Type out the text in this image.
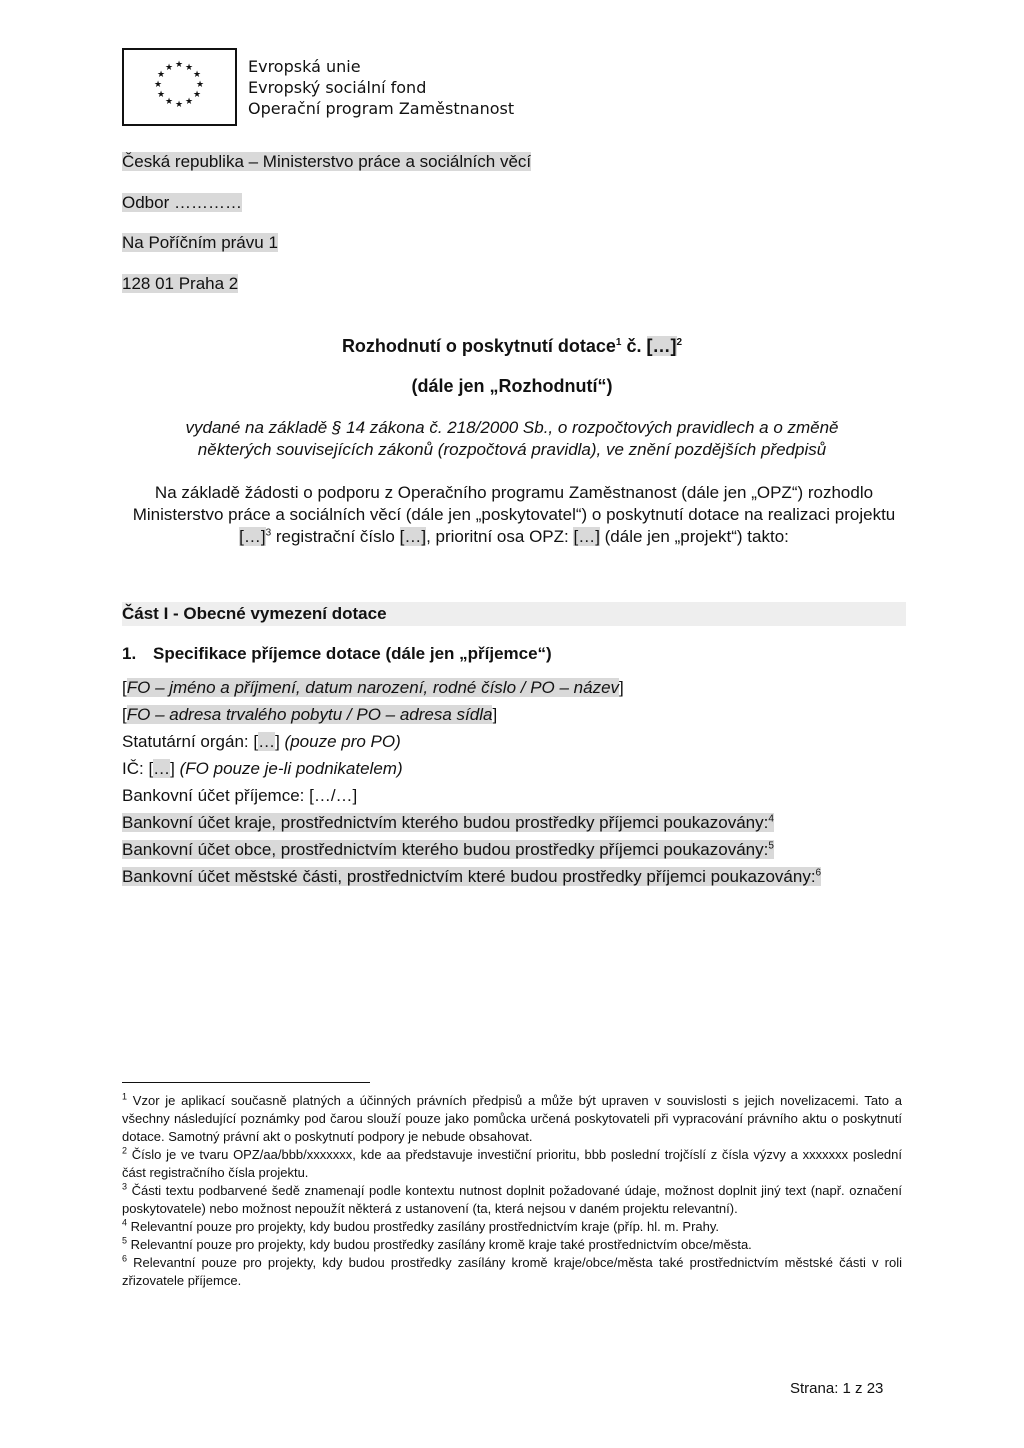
★ ★
★
★
★
★
★
★
★
★
★
★	Evropská unie
Evropský sociální fond
Operační program Zaměstnanost
Česká republika – Ministerstvo práce a sociálních věcí
Odbor …………
Na Poříčním právu 1
128 01 Praha 2
Rozhodnutí o poskytnutí dotace$^1$ č. […]$^2$
(dále jen „Rozhodnutí“)
vydané na základě § 14 zákona č. 218/2000 Sb., o rozpočtových pravidlech a o změně
některých souvisejících zákonů (rozpočtová pravidla), ve znění pozdějších předpisů
Na základě žádosti o podporu z Operačního programu Zaměstnanost (dále jen „OPZ“) rozhodlo Ministerstvo práce a sociálních věcí (dále jen „poskytovatel“) o poskytnutí dotace na realizaci projektu […]$^3$ registrační číslo […], prioritní osa OPZ: […] (dále jen „projekt“) takto:
Část I - Obecné vymezení dotace
1. Specifikace příjemce dotace (dále jen „příjemce“)
[FO – jméno a příjmení, datum narození, rodné číslo / PO – název]
[FO – adresa trvalého pobytu / PO – adresa sídla]
Statutární orgán: […] (pouze pro PO)
IČ: […] (FO pouze je-li podnikatelem)
Bankovní účet příjemce: […/…]
Bankovní účet kraje, prostřednictvím kterého budou prostředky příjemci poukazovány:$^4$
Bankovní účet obce, prostřednictvím kterého budou prostředky příjemci poukazovány:$^5$
Bankovní účet městské části, prostřednictvím které budou prostředky příjemci poukazovány:$^6$

$^1$ Vzor je aplikací současně platných a účinných právních předpisů a může být upraven v souvislosti s jejich novelizacemi. Tato a všechny následující poznámky pod čarou slouží pouze jako pomůcka určená poskytovateli při vypracování právního aktu o poskytnutí dotace. Samotný právní akt o poskytnutí podpory je nebude obsahovat.

$^2$ Číslo je ve tvaru OPZ/aa/bbb/xxxxxxx, kde aa představuje investiční prioritu, bbb poslední trojčíslí z čísla výzvy a xxxxxxx poslední část registračního čísla projektu.

$^3$ Části textu podbarvené šedě znamenají podle kontextu nutnost doplnit požadované údaje, možnost doplnit jiný text (např. označení poskytovatele) nebo možnost nepoužít některá z ustanovení (ta, která nejsou v daném projektu relevantní).

$^4$ Relevantní pouze pro projekty, kdy budou prostředky zasílány prostřednictvím kraje (příp. hl. m. Prahy.

$^5$ Relevantní pouze pro projekty, kdy budou prostředky zasílány kromě kraje také prostřednictvím obce/města.

$^6$ Relevantní pouze pro projekty, kdy budou prostředky zasílány kromě kraje/obce/města také prostřednictvím městské části v roli zřizovatele příjemce.

Strana: 1 z 23
